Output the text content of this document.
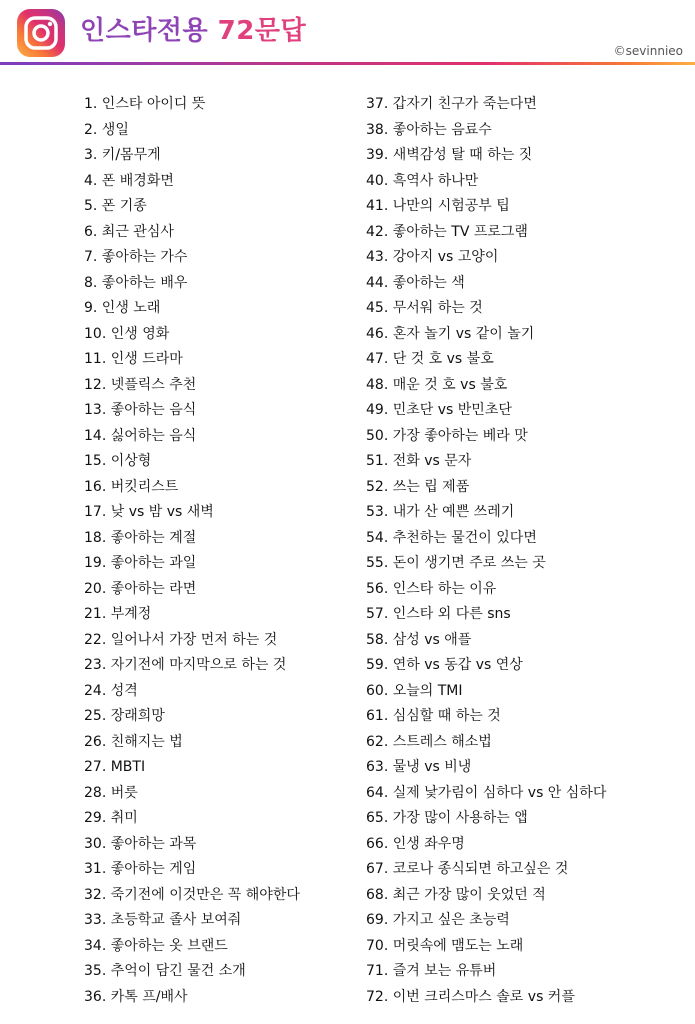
인스타전용 72문답
©sevinnieo
1. 인스타 아이디 뜻
2. 생일
3. 키/몸무게
4. 폰 배경화면
5. 폰 기종
6. 최근 관심사
7. 좋아하는 가수
8. 좋아하는 배우
9. 인생 노래
10. 인생 영화
11. 인생 드라마
12. 넷플릭스 추천
13. 좋아하는 음식
14. 싫어하는 음식
15. 이상형
16. 버킷리스트
17. 낮 vs 밤 vs 새벽
18. 좋아하는 계절
19. 좋아하는 과일
20. 좋아하는 라면
21. 부계정
22. 일어나서 가장 먼저 하는 것
23. 자기전에 마지막으로 하는 것
24. 성격
25. 장래희망
26. 친해지는 법
27. MBTI
28. 버릇
29. 취미
30. 좋아하는 과목
31. 좋아하는 게임
32. 죽기전에 이것만은 꼭 해야한다
33. 초등학교 졸사 보여줘
34. 좋아하는 옷 브랜드
35. 추억이 담긴 물건 소개
36. 카톡 프/배사
37. 갑자기 친구가 죽는다면
38. 좋아하는 음료수
39. 새벽감성 탈 때 하는 짓
40. 흑역사 하나만
41. 나만의 시험공부 팁
42. 좋아하는 TV 프로그램
43. 강아지 vs 고양이
44. 좋아하는 색
45. 무서워 하는 것
46. 혼자 놀기 vs 같이 놀기
47. 단 것 호 vs 불호
48. 매운 것 호 vs 불호
49. 민초단 vs 반민초단
50. 가장 좋아하는 베라 맛
51. 전화 vs 문자
52. 쓰는 립 제품
53. 내가 산 예쁜 쓰레기
54. 추천하는 물건이 있다면
55. 돈이 생기면 주로 쓰는 곳
56. 인스타 하는 이유
57. 인스타 외 다른 sns
58. 삼성 vs 애플
59. 연하 vs 동갑 vs 연상
60. 오늘의 TMI
61. 심심할 때 하는 것
62. 스트레스 해소법
63. 물냉 vs 비냉
64. 실제 낯가림이 심하다 vs 안 심하다
65. 가장 많이 사용하는 앱
66. 인생 좌우명
67. 코로나 종식되면 하고싶은 것
68. 최근 가장 많이 웃었던 적
69. 가지고 싶은 초능력
70. 머릿속에 맴도는 노래
71. 즐겨 보는 유튜버
72. 이번 크리스마스 솔로 vs 커플
